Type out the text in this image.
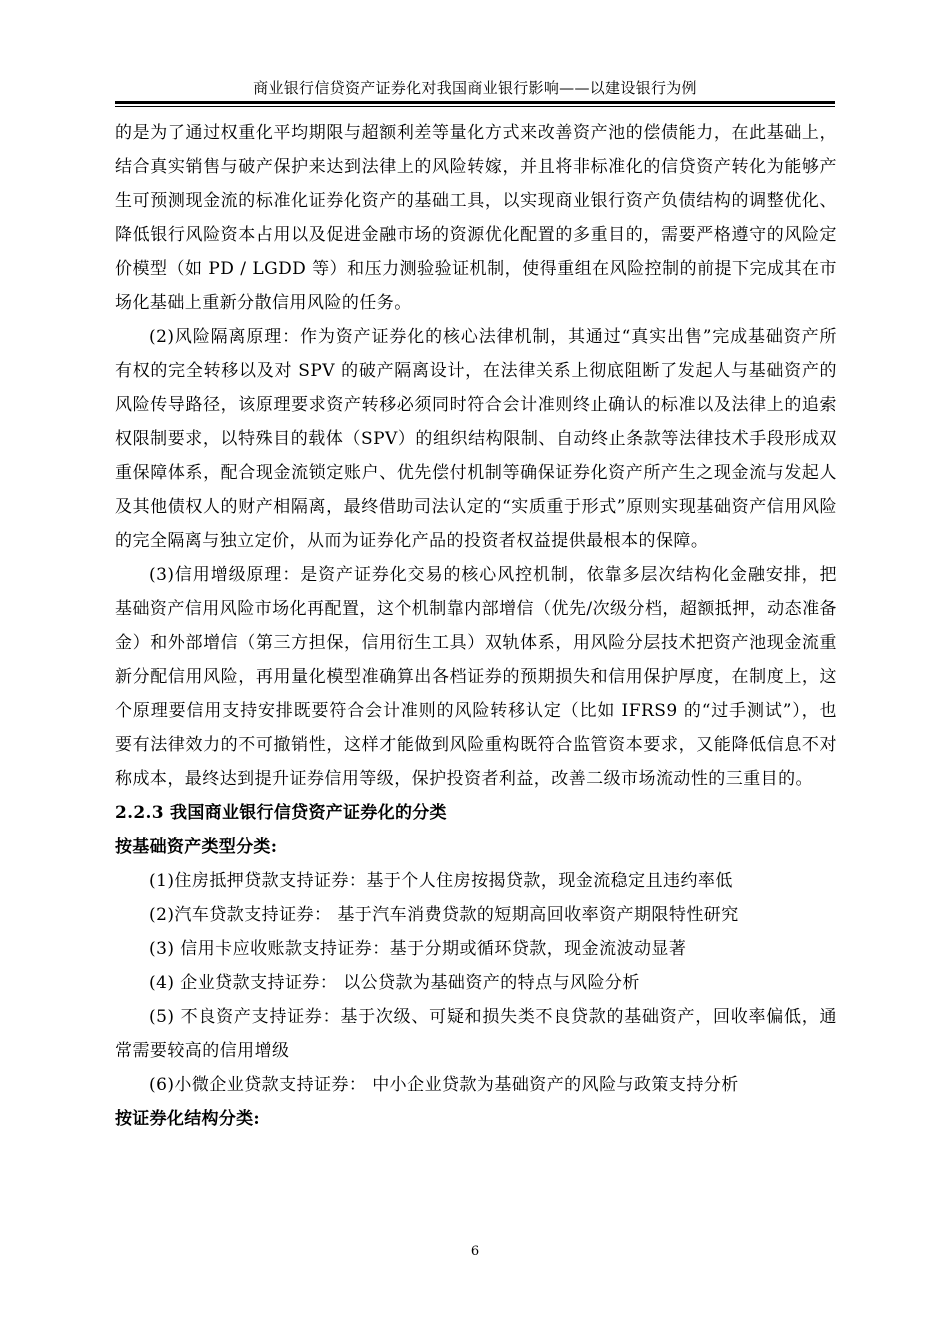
商业银行信贷资产证券化对我国商业银行影响——以建设银行为例

的是为了通过权重化平均期限与超额利差等量化方式来改善资产池的偿债能力，在此基础上，结合真实销售与破产保护来达到法律上的风险转嫁，并且将非标准化的信贷资产转化为能够产生可预测现金流的标准化证券化资产的基础工具，以实现商业银行资产负债结构的调整优化、降低银行风险资本占用以及促进金融市场的资源优化配置的多重目的，需要严格遵守的风险定价模型（如 PD / LGDD 等）和压力测验验证机制，使得重组在风险控制的前提下完成其在市场化基础上重新分散信用风险的任务。

(2)风险隔离原理：作为资产证券化的核心法律机制，其通过“真实出售”完成基础资产所有权的完全转移以及对 SPV 的破产隔离设计，在法律关系上彻底阻断了发起人与基础资产的风险传导路径，该原理要求资产转移必须同时符合会计准则终止确认的标准以及法律上的追索权限制要求，以特殊目的载体（SPV）的组织结构限制、自动终止条款等法律技术手段形成双重保障体系，配合现金流锁定账户、优先偿付机制等确保证券化资产所产生之现金流与发起人及其他债权人的财产相隔离，最终借助司法认定的“实质重于形式”原则实现基础资产信用风险的完全隔离与独立定价，从而为证券化产品的投资者权益提供最根本的保障。

(3)信用增级原理：是资产证券化交易的核心风控机制，依靠多层次结构化金融安排，把基础资产信用风险市场化再配置，这个机制靠内部增信（优先/次级分档，超额抵押，动态准备金）和外部增信（第三方担保，信用衍生工具）双轨体系，用风险分层技术把资产池现金流重新分配信用风险，再用量化模型准确算出各档证券的预期损失和信用保护厚度，在制度上，这个原理要信用支持安排既要符合会计准则的风险转移认定（比如 IFRS9 的“过手测试”），也要有法律效力的不可撤销性，这样才能做到风险重构既符合监管资本要求，又能降低信息不对称成本，最终达到提升证券信用等级，保护投资者利益，改善二级市场流动性的三重目的。

2.2.3 我国商业银行信贷资产证券化的分类

按基础资产类型分类:

(1)住房抵押贷款支持证券：基于个人住房按揭贷款，现金流稳定且违约率低

(2)汽车贷款支持证券： 基于汽车消费贷款的短期高回收率资产期限特性研究

(3) 信用卡应收账款支持证券：基于分期或循环贷款，现金流波动显著

(4) 企业贷款支持证券： 以公贷款为基础资产的特点与风险分析

(5) 不良资产支持证券：基于次级、可疑和损失类不良贷款的基础资产，回收率偏低，通常需要较高的信用增级

(6)小微企业贷款支持证券： 中小企业贷款为基础资产的风险与政策支持分析

按证券化结构分类:

6
